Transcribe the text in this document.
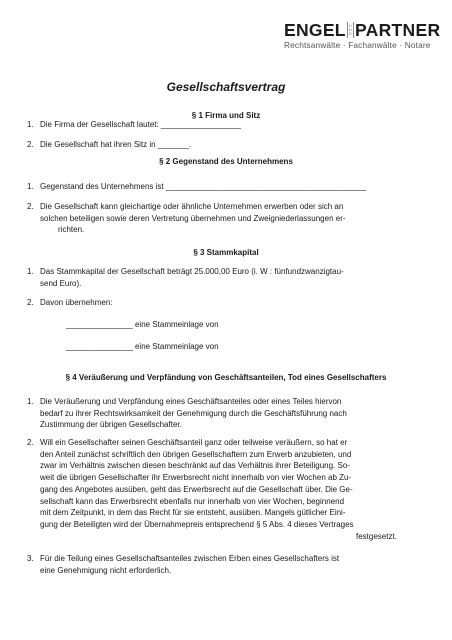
ENGEL U
N
D PARTNER
Rechtsanwälte · Fachanwälte · Notare
Gesellschaftsvertrag
§ 1 Firma und Sitz
1. Die Firma der Gesellschaft lautet: __________________
2. Die Gesellschaft hat ihren Sitz in _______.
§ 2 Gegenstand des Unternehmens
1. Gegenstand des Unternehmens ist _____________________________________________
2. Die Gesellschaft kann gleichartige oder ähnliche Unternehmen erwerben oder sich an
solchen beteiligen sowie deren Vertretung übernehmen und Zweigniederlassungen er-
richten.
§ 3 Stammkapital
1. Das Stammkapital der Gesellschaft beträgt 25.000,00 Euro (i. W : fünfundzwanzigtau-
send Euro).
2. Davon übernehmen:
_______________ eine Stammeinlage von
_______________ eine Stammeinlage von
§ 4 Veräußerung und Verpfändung von Geschäftsanteilen, Tod eines Gesellschafters
1. Die Veräußerung und Verpfändung eines Geschäftsanteiles oder eines Teiles hiervon
bedarf zu ihrer Rechtswirksamkeit der Genehmigung durch die Geschäftsführung nach
Zustimmung der übrigen Gesellschafter.
2. Will ein Gesellschafter seinen Geschäftsanteil ganz oder teilweise veräußern, so hat er
den Anteil zunächst schriftlich den übrigen Gesellschaftern zum Erwerb anzubieten, und
zwar im Verhältnis zwischen diesen beschränkt auf das Verhältnis ihrer Beteiligung. So-
weit die übrigen Gesellschafter ihr Erwerbsrecht nicht innerhalb von vier Wochen ab Zu-
gang des Angebotes ausüben, geht das Erwerbsrecht auf die Gesellschaft über. Die Ge-
sellschaft kann das Erwerbsrecht ebenfalls nur innerhalb von vier Wochen, beginnend
mit dem Zeitpunkt, in dem das Recht für sie entsteht, ausüben. Mangels gütlicher Eini-
gung der Beteiligten wird der Übernahmepreis entsprechend § 5 Abs. 4 dieses Vertrages
festgesetzt.
3. Für die Teilung eines Gesellschaftsanteiles zwischen Erben eines Gesellschafters ist
eine Genehmigung nicht erforderlich.
